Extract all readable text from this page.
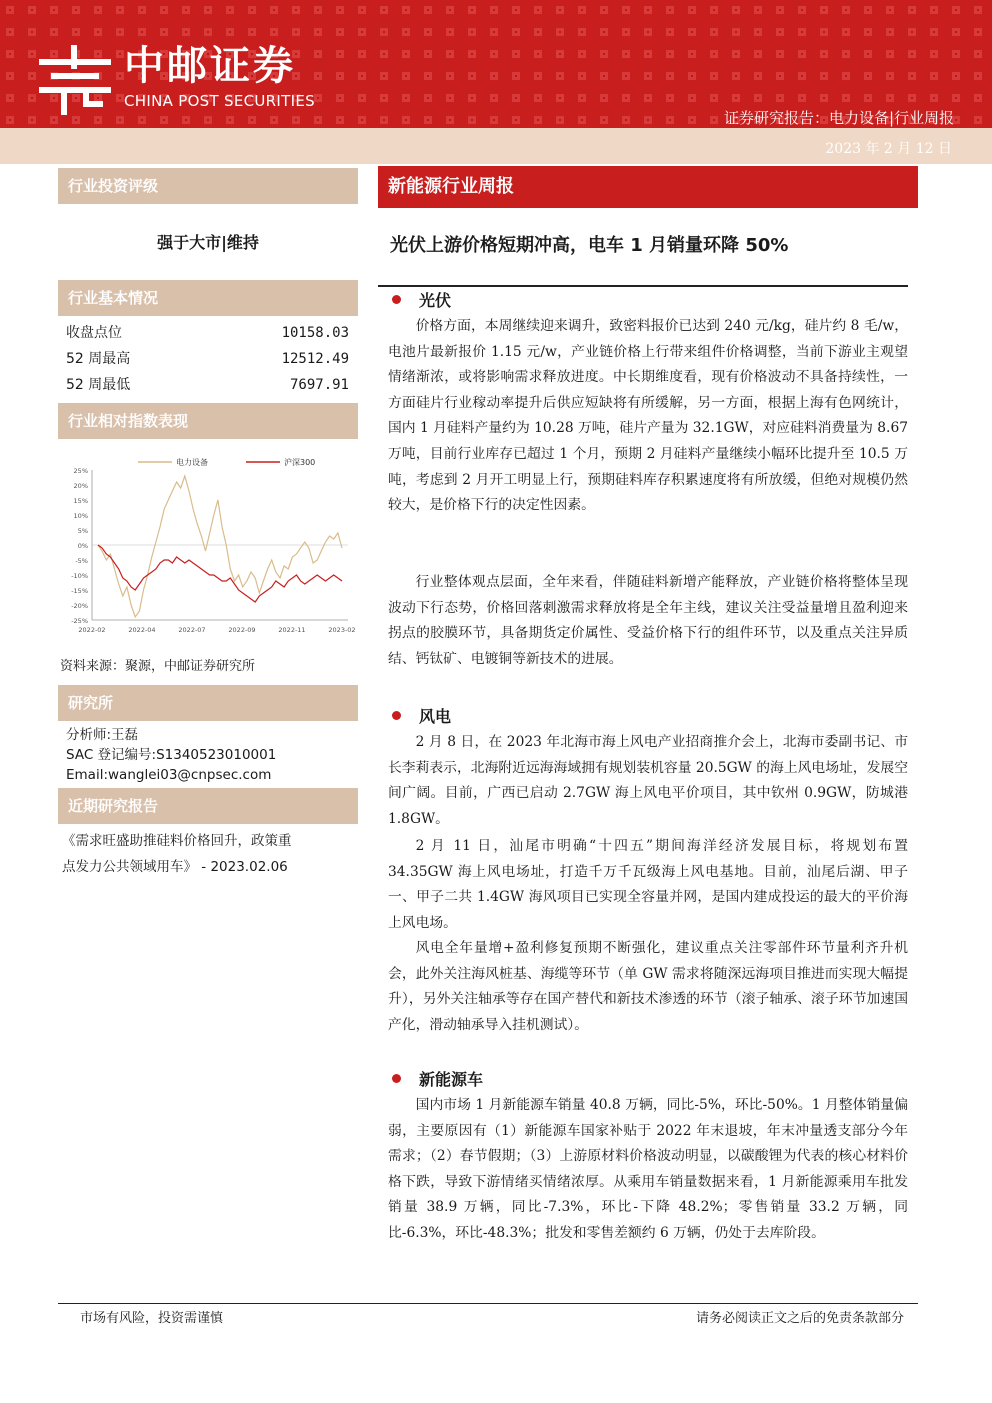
中邮证券
CHINA POST SECURITIES
证券研究报告：电力设备|行业周报
2023 年 2 月 12 日
行业投资评级
强于大市|维持
行业基本情况
收盘点位	10158.03
52 周最高	12512.49
52 周最低	7697.91
行业相对指数表现
25%
20%
15%
10%
5%
0%
-5%
-10%
-15%
-20%
-25%
2022-02	2022-04	2022-07	2022-09	2022-11	2023-02
电力设备	沪深300
资料来源：聚源，中邮证券研究所
研究所
分析师:王磊
SAC 登记编号:S1340523010001
Email:wanglei03@cnpsec.com
近期研究报告
《需求旺盛助推硅料价格回升，政策重
点发力公共领域用车》 - 2023.02.06
新能源行业周报
光伏上游价格短期冲高，电车 1 月销量环降 50%
光伏

价格方面，本周继续迎来调升，致密料报价已达到 240 元/kg，硅片约 8 毛/w，电池片最新报价 1.15 元/w，产业链价格上行带来组件价格调整，当前下游业主观望情绪渐浓，或将影响需求释放进度。中长期维度看，现有价格波动不具备持续性，一方面硅片行业稼动率提升后供应短缺将有所缓解，另一方面，根据上海有色网统计，国内 1 月硅料产量约为 10.28 万吨，硅片产量为 32.1GW，对应硅料消费量为 8.67 万吨，目前行业库存已超过 1 个月，预期 2 月硅料产量继续小幅环比提升至 10.5 万吨，考虑到 2 月开工明显上行，预期硅料库存积累速度将有所放缓，但绝对规模仍然较大，是价格下行的决定性因素。

行业整体观点层面，全年来看，伴随硅料新增产能释放，产业链价格将整体呈现波动下行态势，价格回落刺激需求释放将是全年主线，建议关注受益量增且盈利迎来拐点的胶膜环节，具备期货定价属性、受益价格下行的组件环节，以及重点关注异质结、钙钛矿、电镀铜等新技术的进展。

风电

2 月 8 日，在 2023 年北海市海上风电产业招商推介会上，北海市委副书记、市长李莉表示，北海附近远海海域拥有规划装机容量 20.5GW 的海上风电场址，发展空间广阔。目前，广西已启动 2.7GW 海上风电平价项目，其中钦州 0.9GW，防城港 1.8GW。

2 月 11 日，汕尾市明确“十四五”期间海洋经济发展目标，将规划布置 34.35GW 海上风电场址，打造千万千瓦级海上风电基地。目前，汕尾后湖、甲子一、甲子二共 1.4GW 海风项目已实现全容量并网，是国内建成投运的最大的平价海上风电场。

风电全年量增+盈利修复预期不断强化，建议重点关注零部件环节量利齐升机会，此外关注海风桩基、海缆等环节（单 GW 需求将随深远海项目推进而实现大幅提升），另外关注轴承等存在国产替代和新技术渗透的环节（滚子轴承、滚子环节加速国产化，滑动轴承导入挂机测试）。

新能源车

国内市场 1 月新能源车销量 40.8 万辆，同比-5%，环比-50%。1 月整体销量偏弱，主要原因有（1）新能源车国家补贴于 2022 年末退坡，年末冲量透支部分今年需求；（2）春节假期；（3）上游原材料价格波动明显，以碳酸锂为代表的核心材料价格下跌，导致下游情绪买情绪浓厚。从乘用车销量数据来看，1 月新能源乘用车批发销量 38.9 万辆，同比-7.3%，环比-下降 48.2%；零售销量 33.2 万辆，同比-6.3%，环比-48.3%；批发和零售差额约 6 万辆，仍处于去库阶段。

市场有风险，投资需谨慎	请务必阅读正文之后的免责条款部分
